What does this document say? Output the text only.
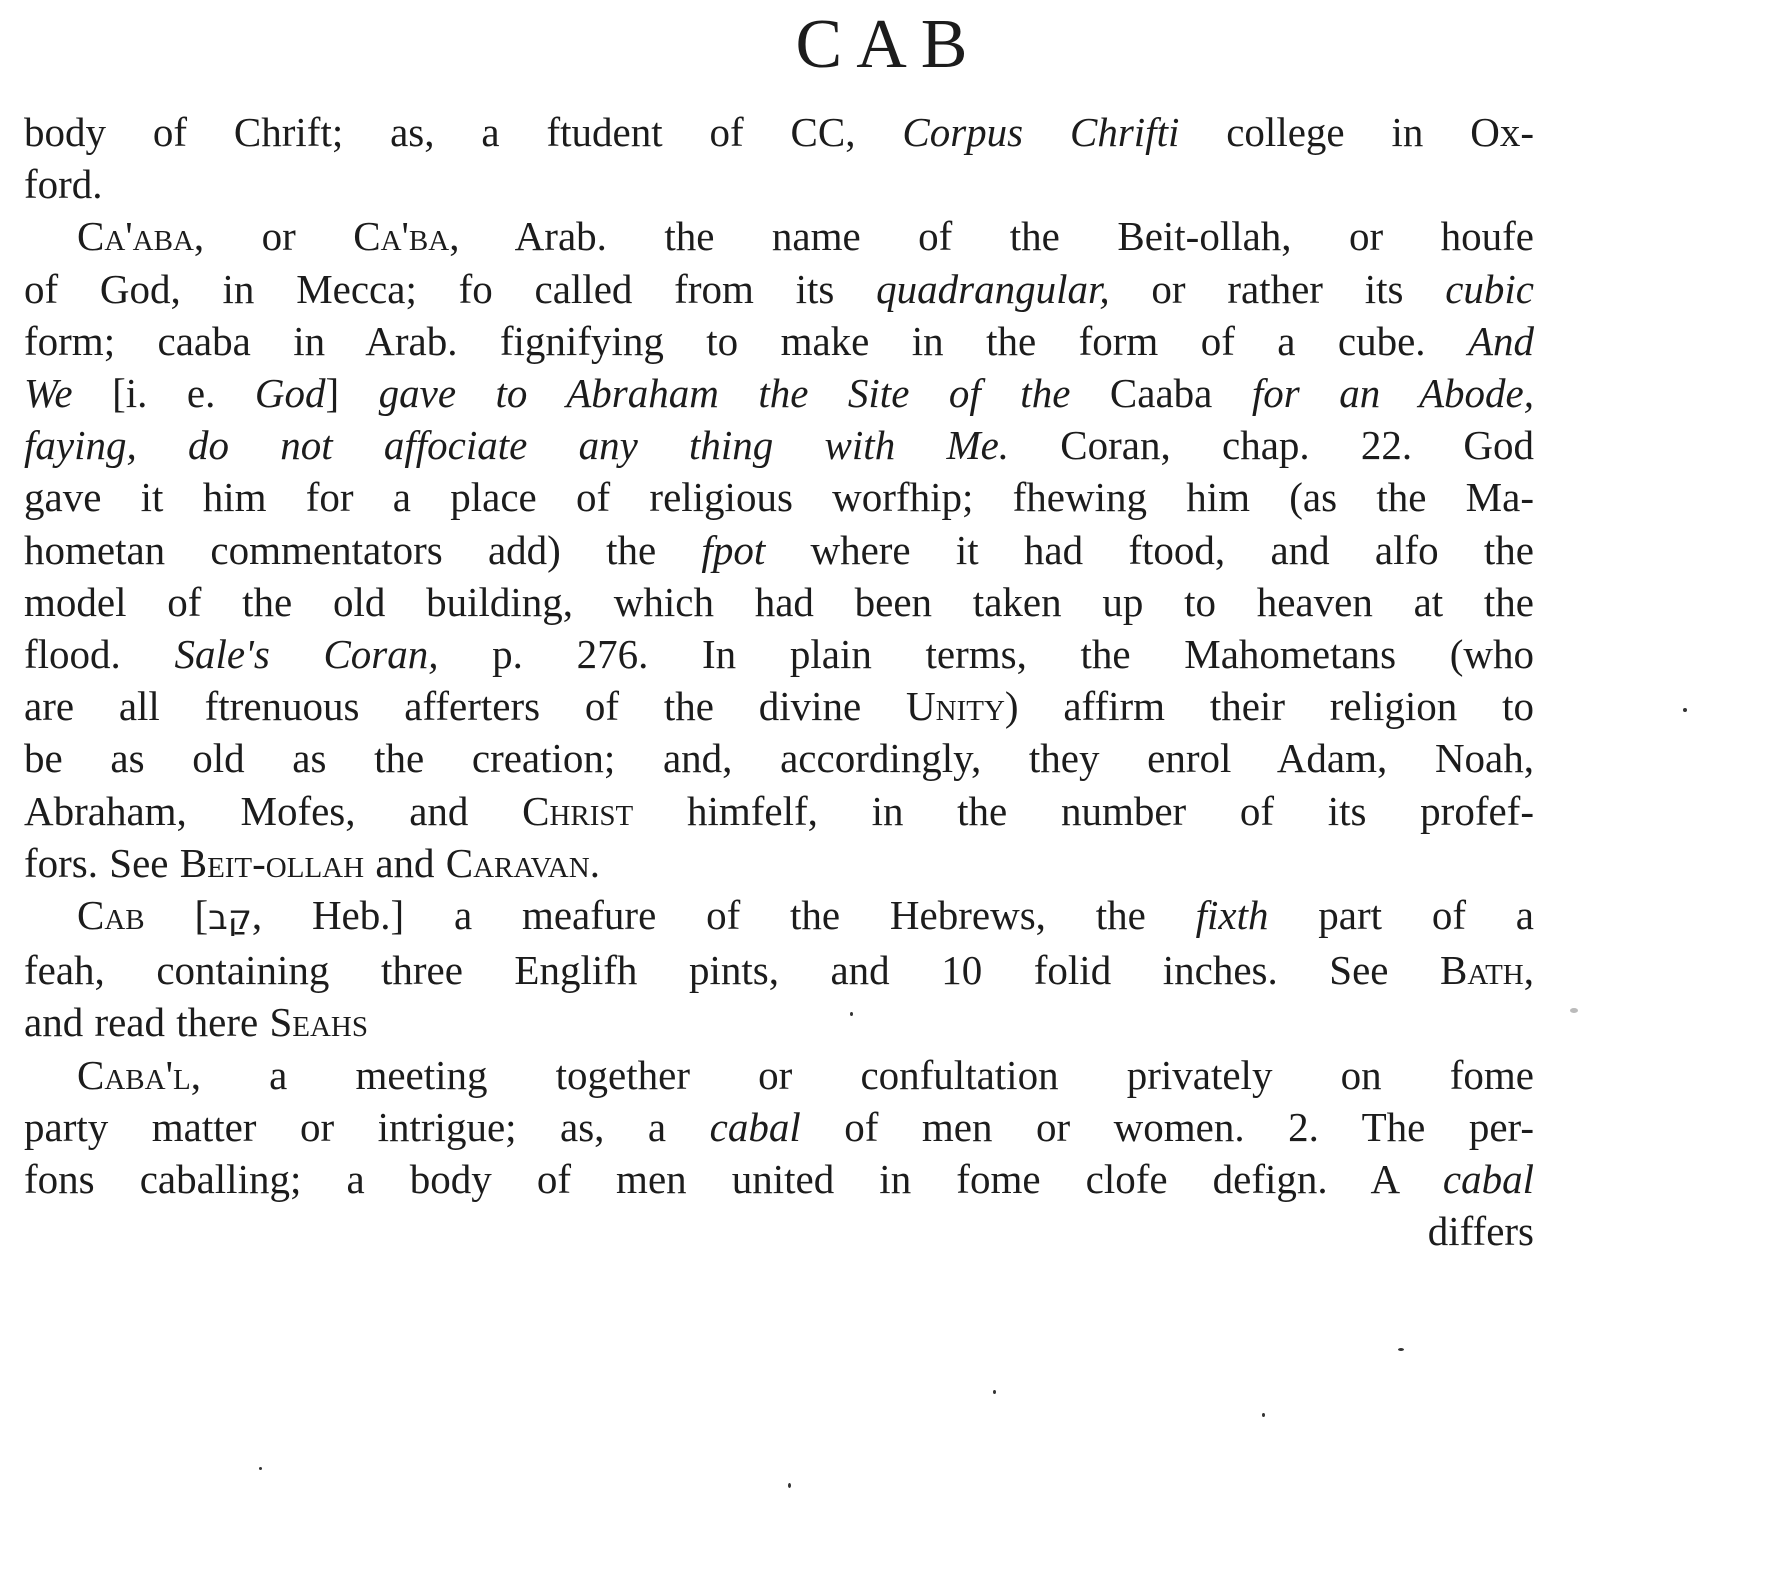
CAB
body of Chrift; as, a ftudent of CC, Corpus Chrifti college in Ox-
ford.
Ca'aba, or Ca'ba, Arab. the name of the Beit-ollah, or houfe
of God, in Mecca; fo called from its quadrangular, or rather its cubic
form; caaba in Arab. fignifying to make in the form of a cube. And
We [i. e. God] gave to Abraham the Site of the Caaba for an Abode,
faying, do not affociate any thing with Me. Coran, chap. 22. God
gave it him for a place of religious worfhip; fhewing him (as the Ma-
hometan commentators add) the fpot where it had ftood, and alfo the
model of the old building, which had been taken up to heaven at the
flood. Sale's Coran, p. 276. In plain terms, the Mahometans (who
are all ftrenuous afferters of the divine Unity) affirm their religion to
be as old as the creation; and, accordingly, they enrol Adam, Noah,
Abraham, Mofes, and Christ himfelf, in the number of its profef-
fors. See Beit-ollah and Caravan.
Cab [קַב, Heb.] a meafure of the Hebrews, the fixth part of a
feah, containing three Englifh pints, and 10 folid inches. See Bath,
and read there Seahs
Caba'l, a meeting together or confultation privately on fome
party matter or intrigue; as, a cabal of men or women. 2. The per-
fons caballing; a body of men united in fome clofe defign. A cabal
differs
